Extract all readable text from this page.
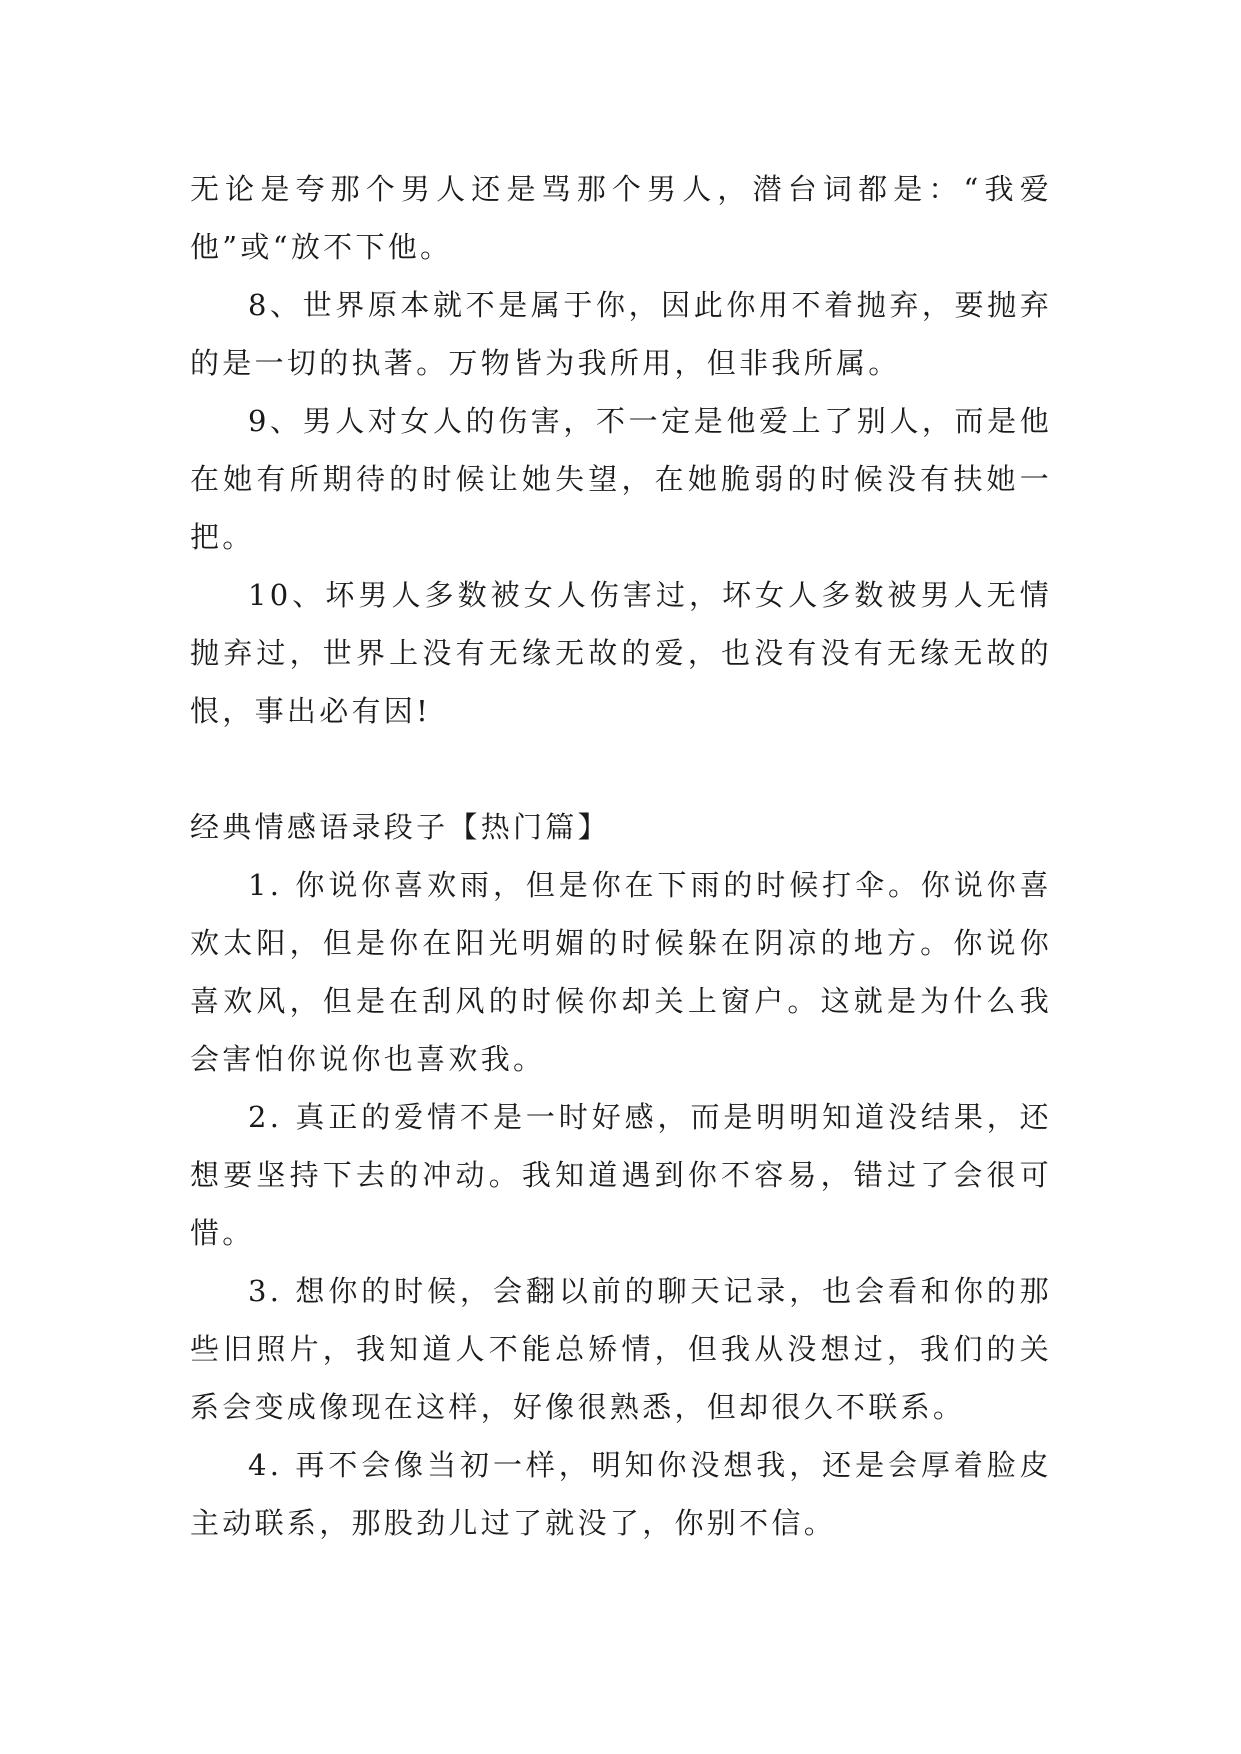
无论是夸那个男人还是骂那个男人，潜台词都是：“我爱他”或“放不下他。

8、世界原本就不是属于你，因此你用不着抛弃，要抛弃的是一切的执著。万物皆为我所用，但非我所属。

9、男人对女人的伤害，不一定是他爱上了别人，而是他在她有所期待的时候让她失望，在她脆弱的时候没有扶她一把。

10、坏男人多数被女人伤害过，坏女人多数被男人无情抛弃过，世界上没有无缘无故的爱，也没有没有无缘无故的恨，事出必有因!

经典情感语录段子【热门篇】

1. 你说你喜欢雨，但是你在下雨的时候打伞。你说你喜欢太阳，但是你在阳光明媚的时候躲在阴凉的地方。你说你喜欢风，但是在刮风的时候你却关上窗户。这就是为什么我会害怕你说你也喜欢我。

2. 真正的爱情不是一时好感，而是明明知道没结果，还想要坚持下去的冲动。我知道遇到你不容易，错过了会很可惜。

3. 想你的时候，会翻以前的聊天记录，也会看和你的那些旧照片，我知道人不能总矫情，但我从没想过，我们的关系会变成像现在这样，好像很熟悉，但却很久不联系。

4. 再不会像当初一样，明知你没想我，还是会厚着脸皮主动联系，那股劲儿过了就没了，你别不信。
